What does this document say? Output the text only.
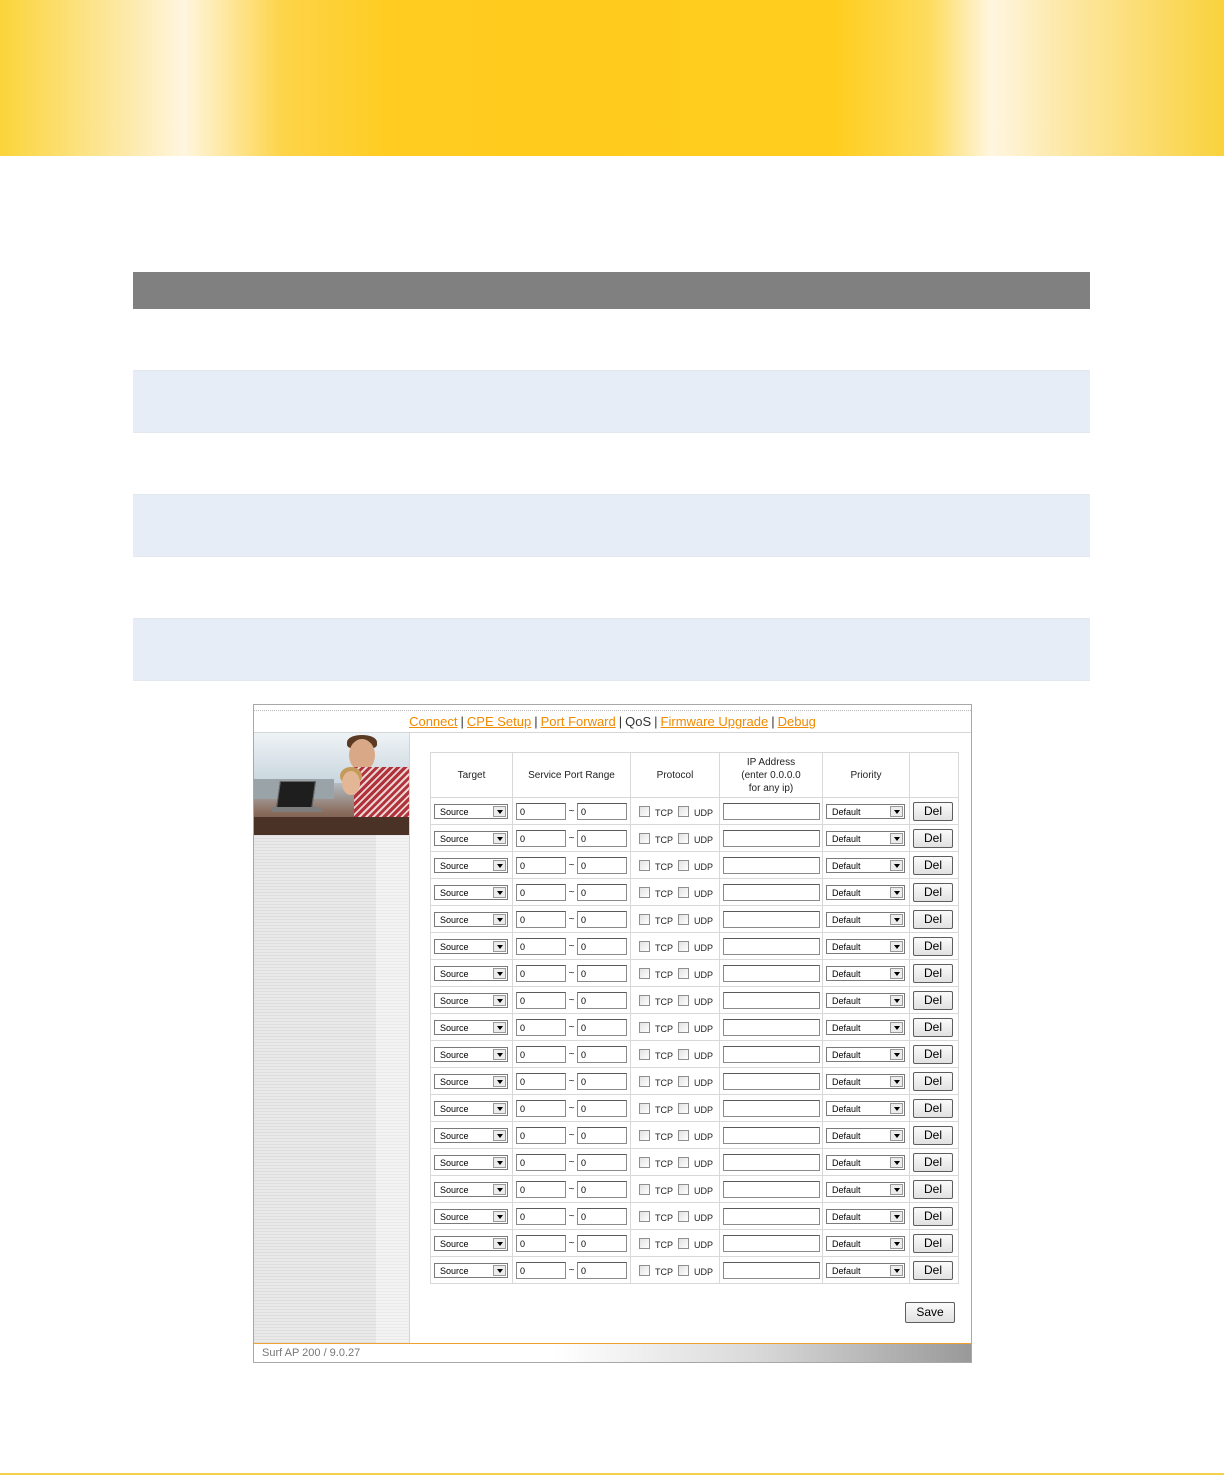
Connect | CPE Setup | Port Forward | QoS | Firmware Upgrade | Debug
Target	Service Port Range	Protocol	IP Address
(enter 0.0.0.0
for any ip)	Priority	
Source	0 ~ 0	TCP UDP		Default	Del
Source	0 ~ 0	TCP UDP		Default	Del
Source	0 ~ 0	TCP UDP		Default	Del
Source	0 ~ 0	TCP UDP		Default	Del
Source	0 ~ 0	TCP UDP		Default	Del
Source	0 ~ 0	TCP UDP		Default	Del
Source	0 ~ 0	TCP UDP		Default	Del
Source	0 ~ 0	TCP UDP		Default	Del
Source	0 ~ 0	TCP UDP		Default	Del
Source	0 ~ 0	TCP UDP		Default	Del
Source	0 ~ 0	TCP UDP		Default	Del
Source	0 ~ 0	TCP UDP		Default	Del
Source	0 ~ 0	TCP UDP		Default	Del
Source	0 ~ 0	TCP UDP		Default	Del
Source	0 ~ 0	TCP UDP		Default	Del
Source	0 ~ 0	TCP UDP		Default	Del
Source	0 ~ 0	TCP UDP		Default	Del
Source	0 ~ 0	TCP UDP		Default	Del
Save
Surf AP 200 / 9.0.27
